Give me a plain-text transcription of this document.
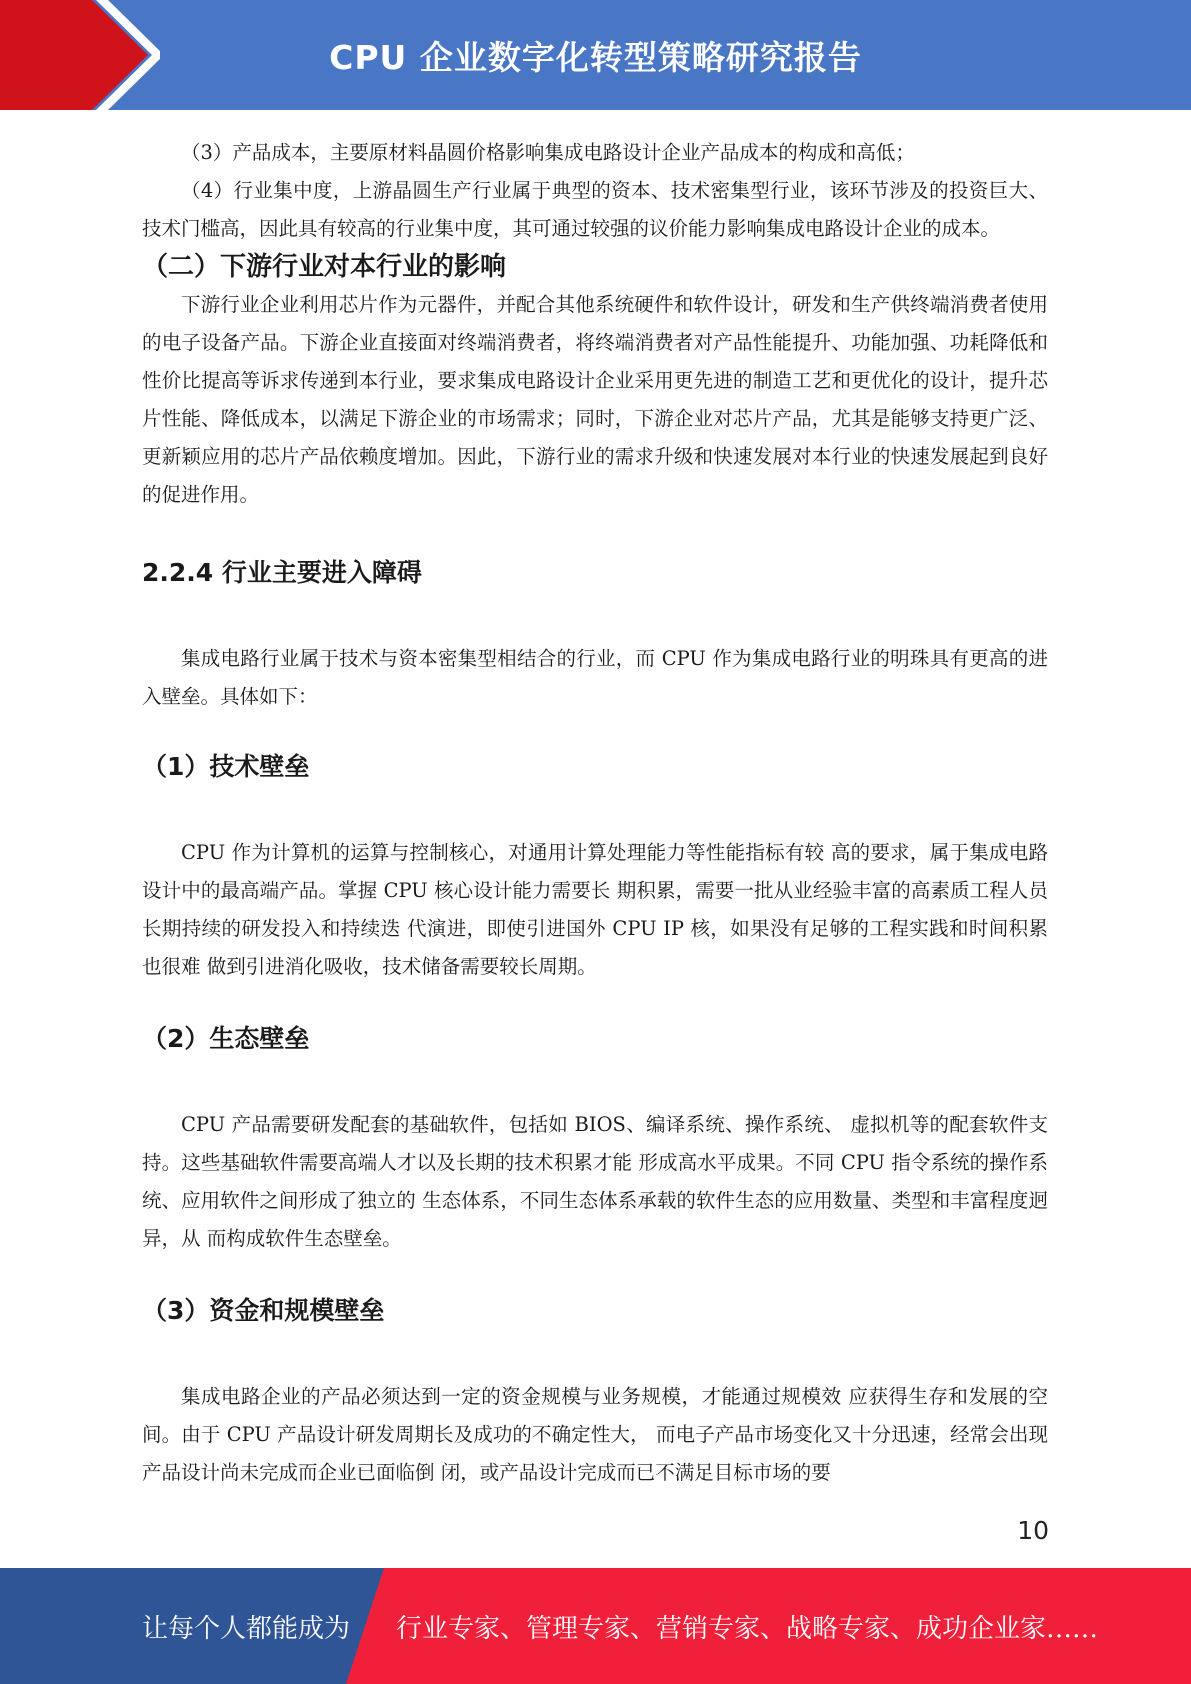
CPU 企业数字化转型策略研究报告

（3）产品成本，主要原材料晶圆价格影响集成电路设计企业产品成本的构成和高低；

（4）行业集中度，上游晶圆生产行业属于典型的资本、技术密集型行业，该环节涉及的投资巨大、技术门槛高，因此具有较高的行业集中度，其可通过较强的议价能力影响集成电路设计企业的成本。

（二）下游行业对本行业的影响

下游行业企业利用芯片作为元器件，并配合其他系统硬件和软件设计，研发和生产供终端消费者使用的电子设备产品。下游企业直接面对终端消费者，将终端消费者对产品性能提升、功能加强、功耗降低和性价比提高等诉求传递到本行业，要求集成电路设计企业采用更先进的制造工艺和更优化的设计，提升芯片性能、降低成本，以满足下游企业的市场需求；同时，下游企业对芯片产品，尤其是能够支持更广泛、更新颖应用的芯片产品依赖度增加。因此，下游行业的需求升级和快速发展对本行业的快速发展起到良好的促进作用。

2.2.4 行业主要进入障碍

集成电路行业属于技术与资本密集型相结合的行业，而 CPU 作为集成电路行业的明珠具有更高的进入壁垒。具体如下：

（1）技术壁垒

CPU 作为计算机的运算与控制核心，对通用计算处理能力等性能指标有较 高的要求，属于集成电路设计中的最高端产品。掌握 CPU 核心设计能力需要长 期积累，需要一批从业经验丰富的高素质工程人员长期持续的研发投入和持续迭 代演进，即使引进国外 CPU IP 核，如果没有足够的工程实践和时间积累也很难 做到引进消化吸收，技术储备需要较长周期。

（2）生态壁垒

CPU 产品需要研发配套的基础软件，包括如 BIOS、编译系统、操作系统、 虚拟机等的配套软件支持。这些基础软件需要高端人才以及长期的技术积累才能 形成高水平成果。不同 CPU 指令系统的操作系统、应用软件之间形成了独立的 生态体系，不同生态体系承载的软件生态的应用数量、类型和丰富程度迥异，从 而构成软件生态壁垒。

（3）资金和规模壁垒

集成电路企业的产品必须达到一定的资金规模与业务规模，才能通过规模效 应获得生存和发展的空间。由于 CPU 产品设计研发周期长及成功的不确定性大， 而电子产品市场变化又十分迅速，经常会出现产品设计尚未完成而企业已面临倒 闭，或产品设计完成而已不满足目标市场的要

10
让每个人都能成为 行业专家、管理专家、营销专家、战略专家、成功企业家……
